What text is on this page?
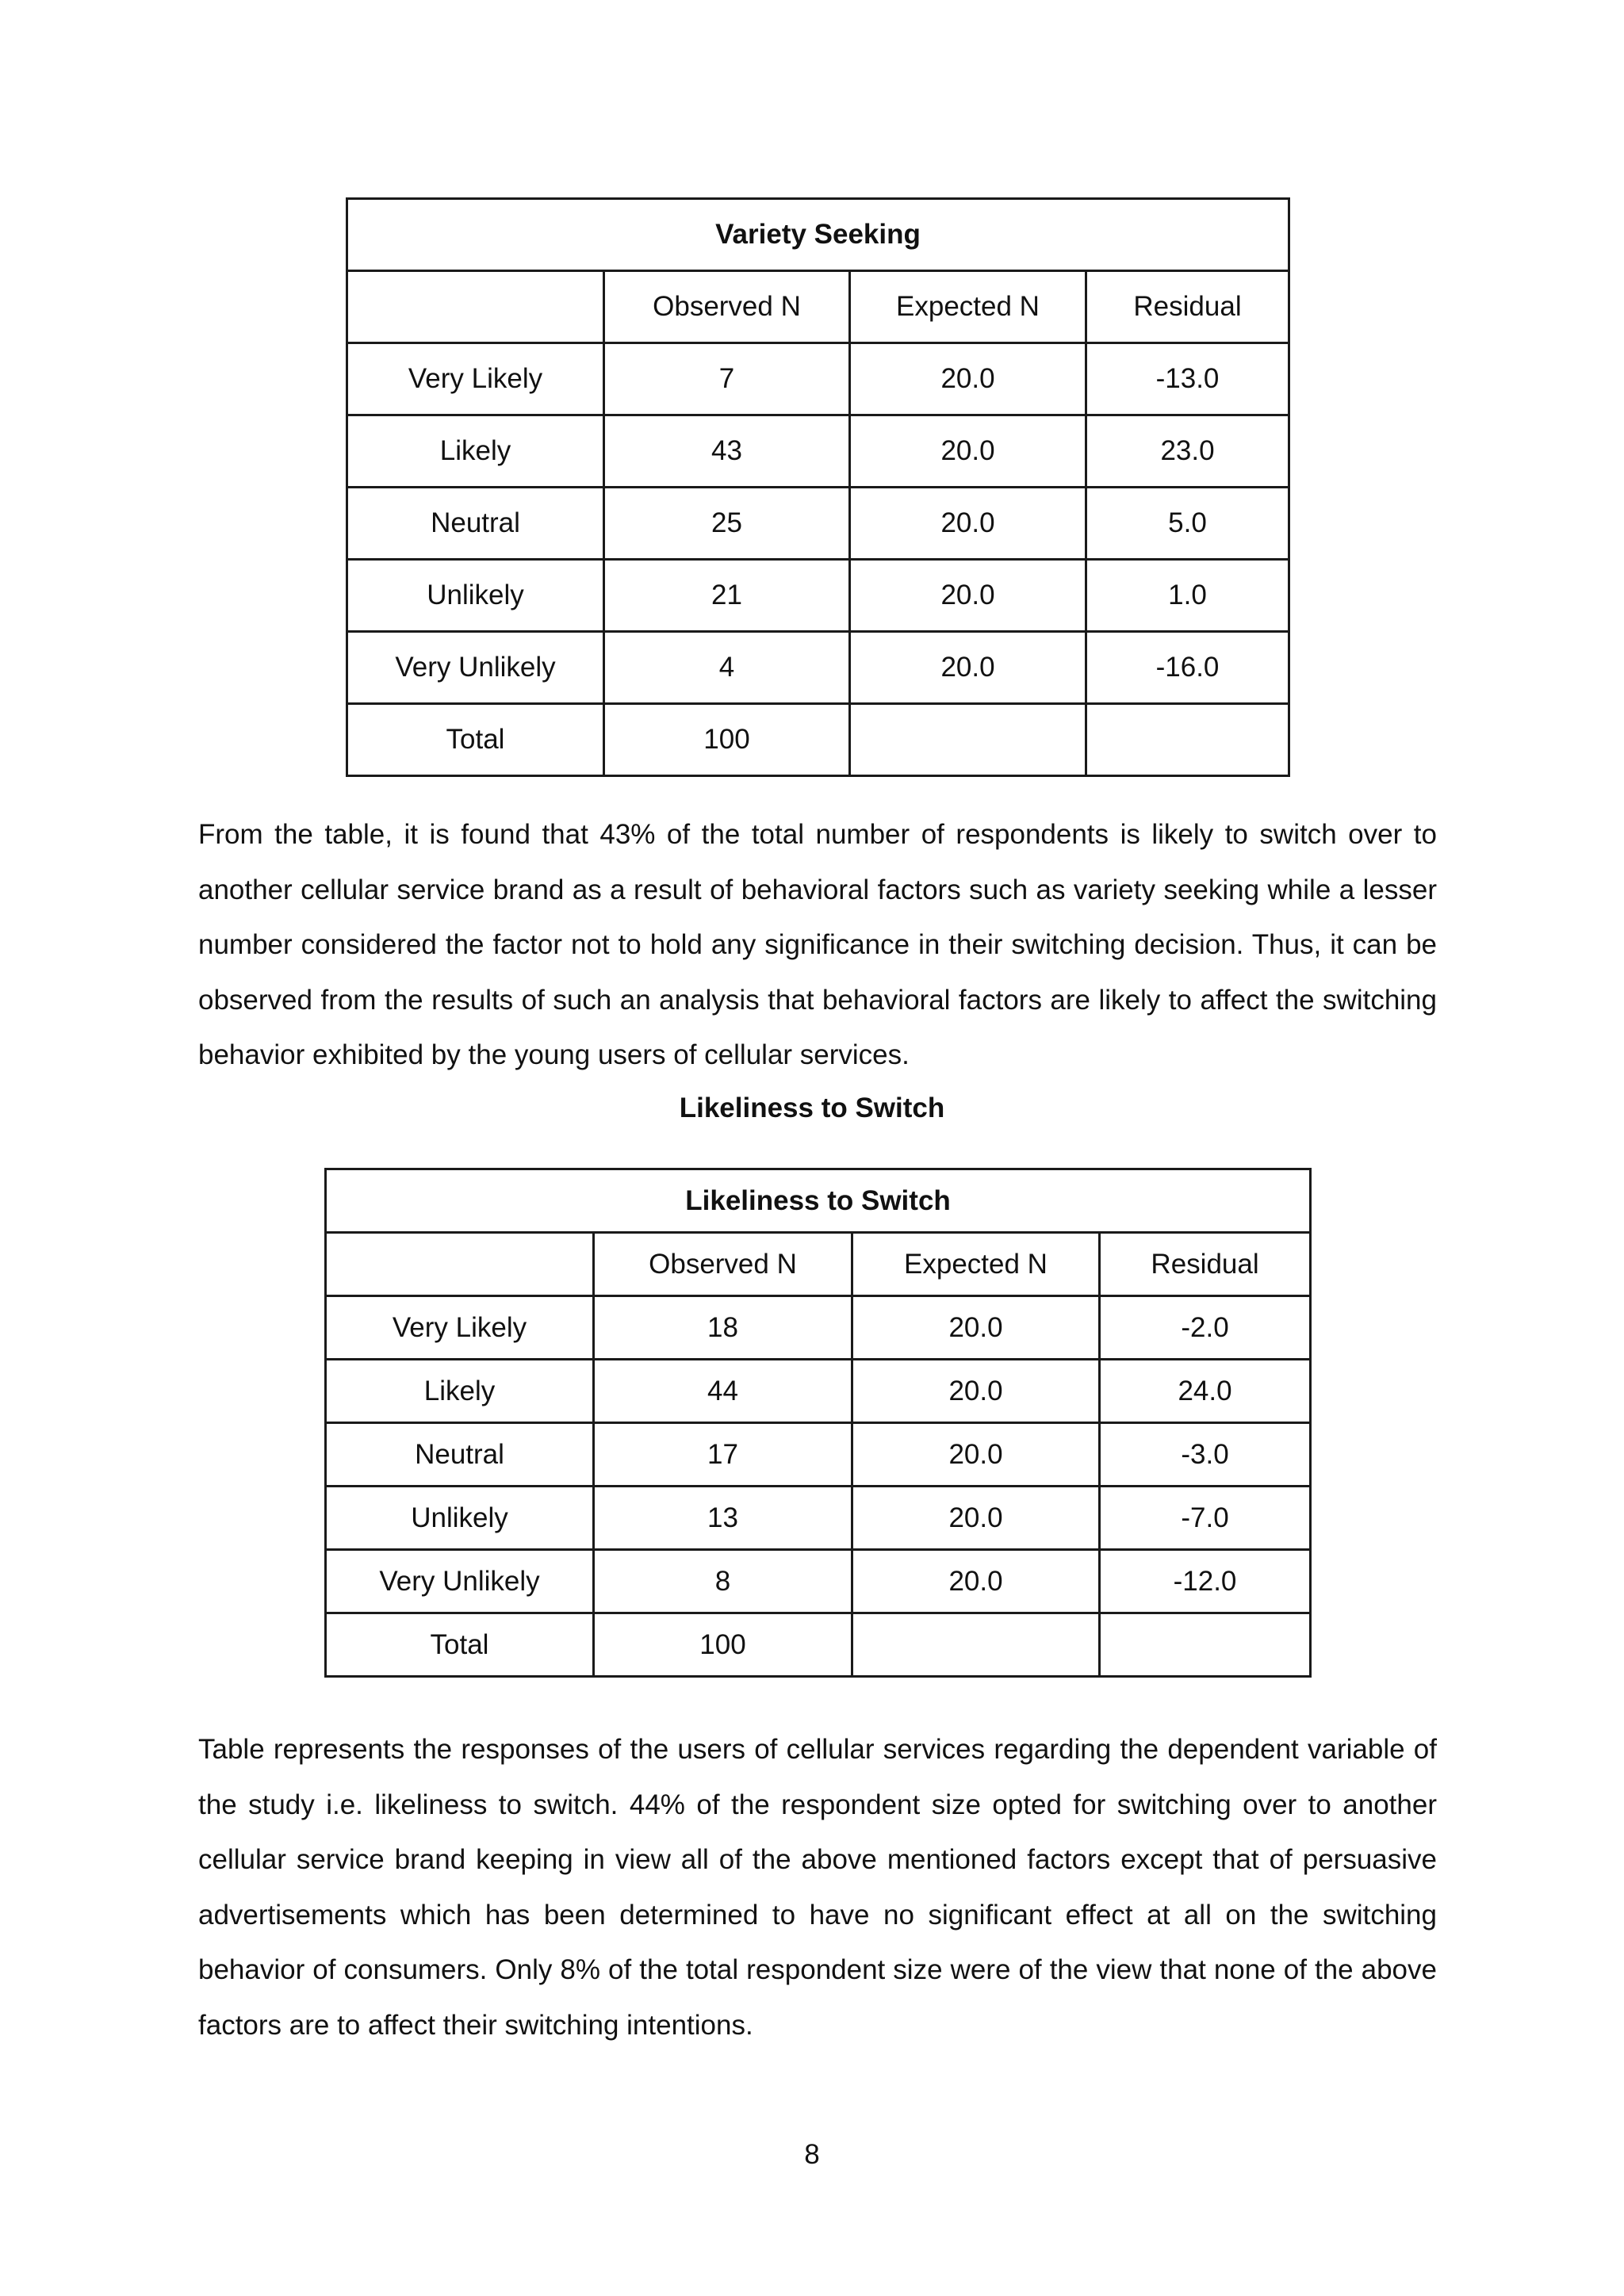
Variety Seeking			
	Observed N	Expected N	Residual
Very Likely	7	20.0	-13.0
Likely	43	20.0	23.0
Neutral	25	20.0	5.0
Unlikely	21	20.0	1.0
Very Unlikely	4	20.0	-16.0
Total	100		

From the table, it is found that 43% of the total number of respondents is likely to switch over to another cellular service brand as a result of behavioral factors such as variety seeking while a lesser number considered the factor not to hold any significance in their switching decision. Thus, it can be observed from the results of such an analysis that behavioral factors are likely to affect the switching behavior exhibited by the young users of cellular services.

Likeliness to Switch
Likeliness to Switch			
	Observed N	Expected N	Residual
Very Likely	18	20.0	-2.0
Likely	44	20.0	24.0
Neutral	17	20.0	-3.0
Unlikely	13	20.0	-7.0
Very Unlikely	8	20.0	-12.0
Total	100		

Table represents the responses of the users of cellular services regarding the dependent variable of the study i.e. likeliness to switch. 44% of the respondent size opted for switching over to another cellular service brand keeping in view all of the above mentioned factors except that of persuasive advertisements which has been determined to have no significant effect at all on the switching behavior of consumers. Only 8% of the total respondent size were of the view that none of the above factors are to affect their switching intentions.

8
